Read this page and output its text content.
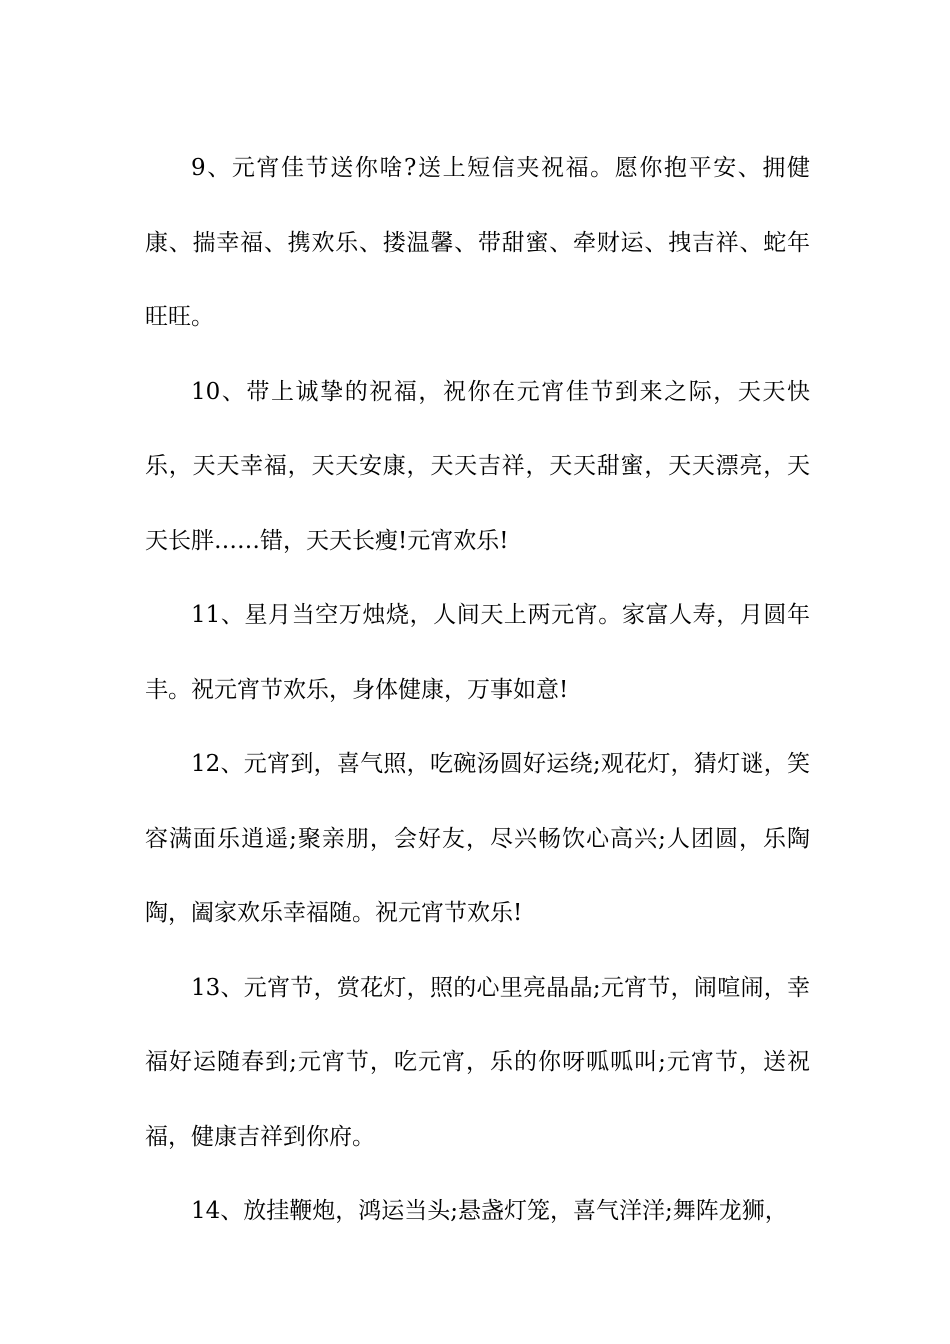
9、元宵佳节送你啥?送上短信夹祝福。愿你抱平安、拥健康、揣幸福、携欢乐、搂温馨、带甜蜜、牵财运、拽吉祥、蛇年旺旺。

10、带上诚挚的祝福，祝你在元宵佳节到来之际，天天快乐，天天幸福，天天安康，天天吉祥，天天甜蜜，天天漂亮，天天长胖……错，天天长瘦!元宵欢乐!

11、星月当空万烛烧，人间天上两元宵。家富人寿，月圆年丰。祝元宵节欢乐，身体健康，万事如意!

12、元宵到，喜气照，吃碗汤圆好运绕;观花灯，猜灯谜，笑容满面乐逍遥;聚亲朋，会好友，尽兴畅饮心高兴;人团圆，乐陶陶，阖家欢乐幸福随。祝元宵节欢乐!

13、元宵节，赏花灯，照的心里亮晶晶;元宵节，闹喧闹，幸福好运随春到;元宵节，吃元宵，乐的你呀呱呱叫;元宵节，送祝福，健康吉祥到你府。

14、放挂鞭炮，鸿运当头;悬盏灯笼，喜气洋洋;舞阵龙狮，
